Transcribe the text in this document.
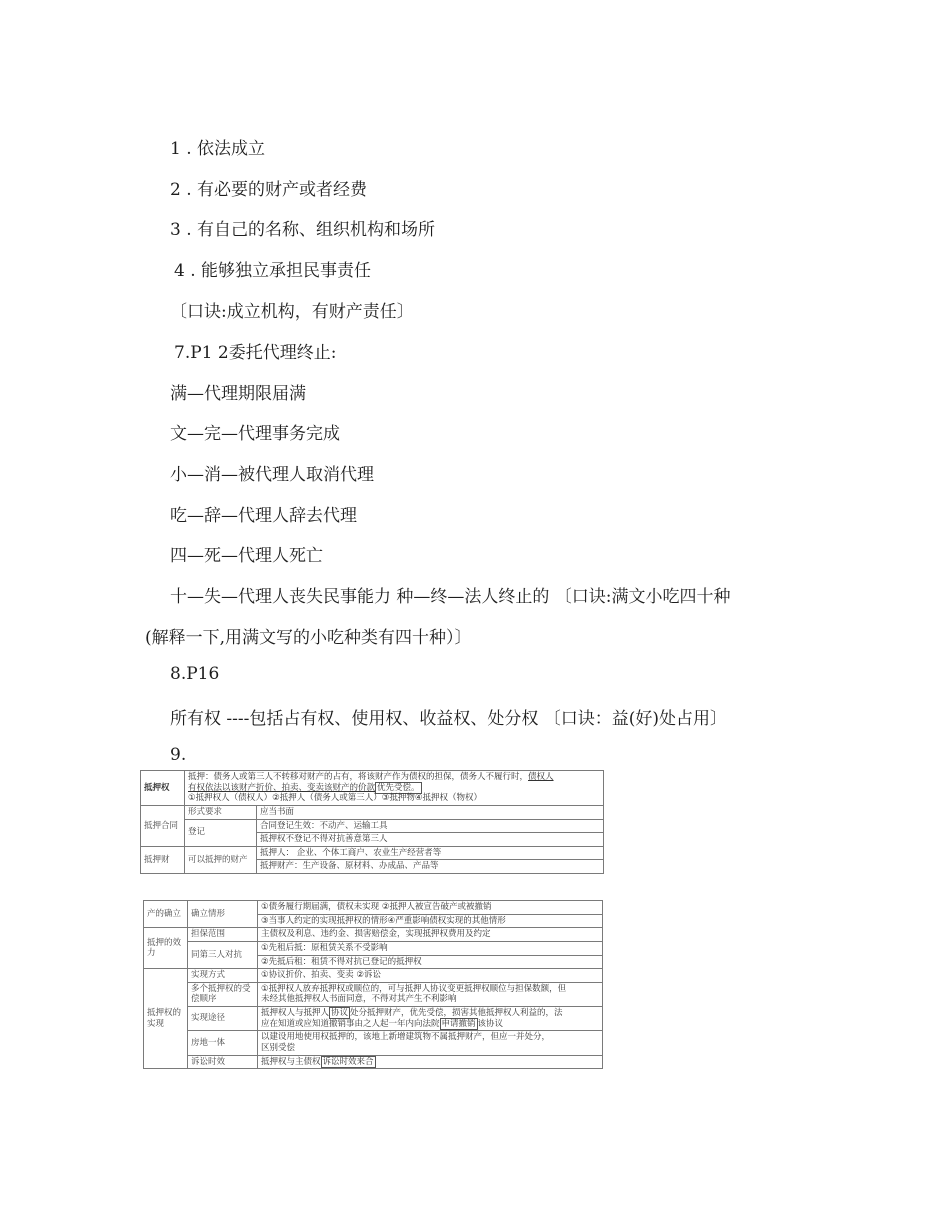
1 . 依法成立
2 . 有必要的财产或者经费
3 . 有自己的名称、组织机构和场所
4 . 能够独立承担民事责任
〔口诀:成立机构，有财产责任〕
7.P1 2委托代理终止:
满—代理期限届满
文—完—代理事务完成
小—消—被代理人取消代理
吃—辞—代理人辞去代理
四—死—代理人死亡
十—失—代理人丧失民事能力 种—终—法人终止的 〔口诀:满文小吃四十种
(解释一下,用满文写的小吃种类有四十种）〕
8.P16
所有权 ----包括占有权、使用权、收益权、处分权 〔口诀：益(好)处占用〕
9.
抵押权	抵押：债务人或第三人不转移对财产的占有，将该财产作为债权的担保，债务人不履行时，债权人
有权依法以该财产折价、拍卖、变卖该财产的价款 优先受偿。
①抵押权人（债权人）②抵押人（债务人或第三人）③抵押物④抵押权（物权）	
抵押合同	形式要求	应当书面
	登记	合同登记生效：不动产、运输工具
		抵押权不登记不得对抗善意第三人
抵押财	可以抵押的财产	抵押人： 企业、个体工商户、农业生产经营者等
		抵押财产：生产设备、原材料、办成品、产品等
产的确立	确立情形	①债务履行期届满，债权未实现 ②抵押人被宣告破产或被撤销
		③当事人约定的实现抵押权的情形④严重影响债权实现的其他情形
抵押的效力	担保范围	主债权及利息、违约金、损害赔偿金，实现抵押权费用及约定
	同第三人对抗	①先租后抵：原租赁关系不受影响
		②先抵后租：租赁不得对抗已登记的抵押权
抵押权的实现	实现方式	①协议折价、拍卖、变卖 ②诉讼
	多个抵押权的受偿顺序	①抵押权人放弃抵押权或顺位的，可与抵押人协议变更抵押权顺位与担保数额，但
未经其他抵押权人书面同意，不得对其产生不利影响
	实现途径	抵押权人与抵押人 协议 处分抵押财产，优先受偿，损害其他抵押权人利益的，法
应在知道或应知道撤销事由之人起一年内向法院 申请撤销 该协议
	房地一体	以建设用地使用权抵押的，该地上新增建筑物不属抵押财产，但应一并处分，
区别受偿
	诉讼时效	抵押权与主债权 诉讼时效来合
